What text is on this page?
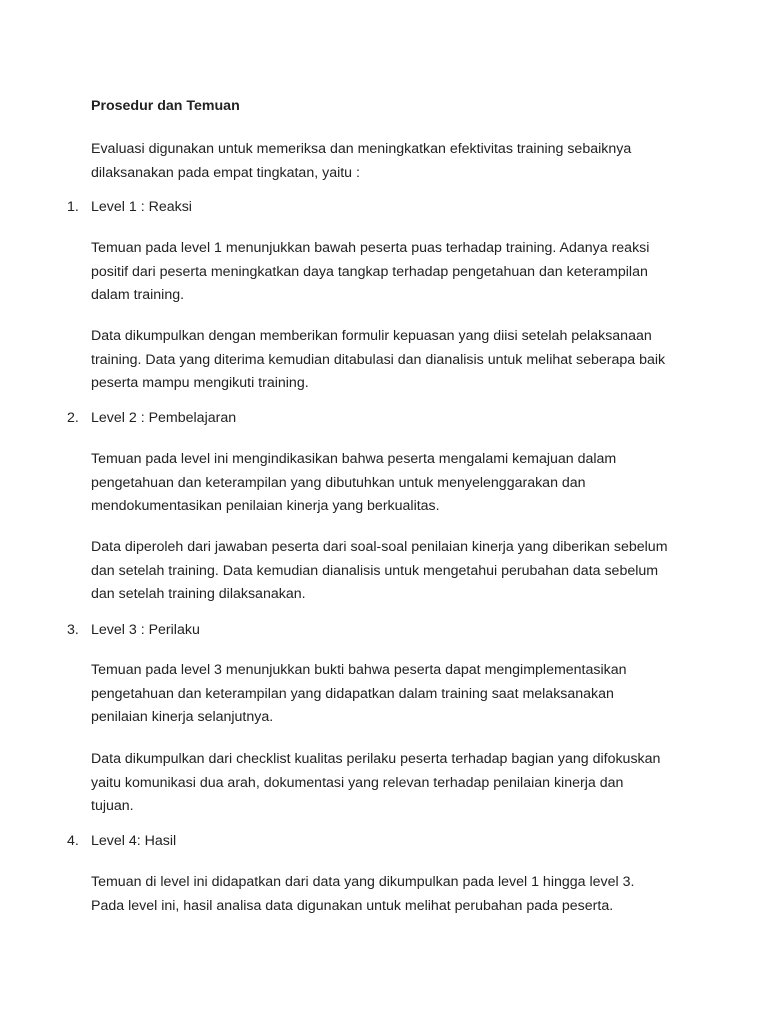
Prosedur dan Temuan

Evaluasi digunakan untuk memeriksa dan meningkatkan efektivitas training sebaiknya
dilaksanakan pada empat tingkatan, yaitu :

1. Level 1 : Reaksi

Temuan pada level 1 menunjukkan bawah peserta puas terhadap training. Adanya reaksi
positif dari peserta meningkatkan daya tangkap terhadap pengetahuan dan keterampilan
dalam training.

Data dikumpulkan dengan memberikan formulir kepuasan yang diisi setelah pelaksanaan
training. Data yang diterima kemudian ditabulasi dan dianalisis untuk melihat seberapa baik
peserta mampu mengikuti training.

2. Level 2 : Pembelajaran

Temuan pada level ini mengindikasikan bahwa peserta mengalami kemajuan dalam
pengetahuan dan keterampilan yang dibutuhkan untuk menyelenggarakan dan
mendokumentasikan penilaian kinerja yang berkualitas.

Data diperoleh dari jawaban peserta dari soal-soal penilaian kinerja yang diberikan sebelum
dan setelah training. Data kemudian dianalisis untuk mengetahui perubahan data sebelum
dan setelah training dilaksanakan.

3. Level 3 : Perilaku

Temuan pada level 3 menunjukkan bukti bahwa peserta dapat mengimplementasikan
pengetahuan dan keterampilan yang didapatkan dalam training saat melaksanakan
penilaian kinerja selanjutnya.

Data dikumpulkan dari checklist kualitas perilaku peserta terhadap bagian yang difokuskan
yaitu komunikasi dua arah, dokumentasi yang relevan terhadap penilaian kinerja dan
tujuan.

4. Level 4: Hasil

Temuan di level ini didapatkan dari data yang dikumpulkan pada level 1 hingga level 3.
Pada level ini, hasil analisa data digunakan untuk melihat perubahan pada peserta.
